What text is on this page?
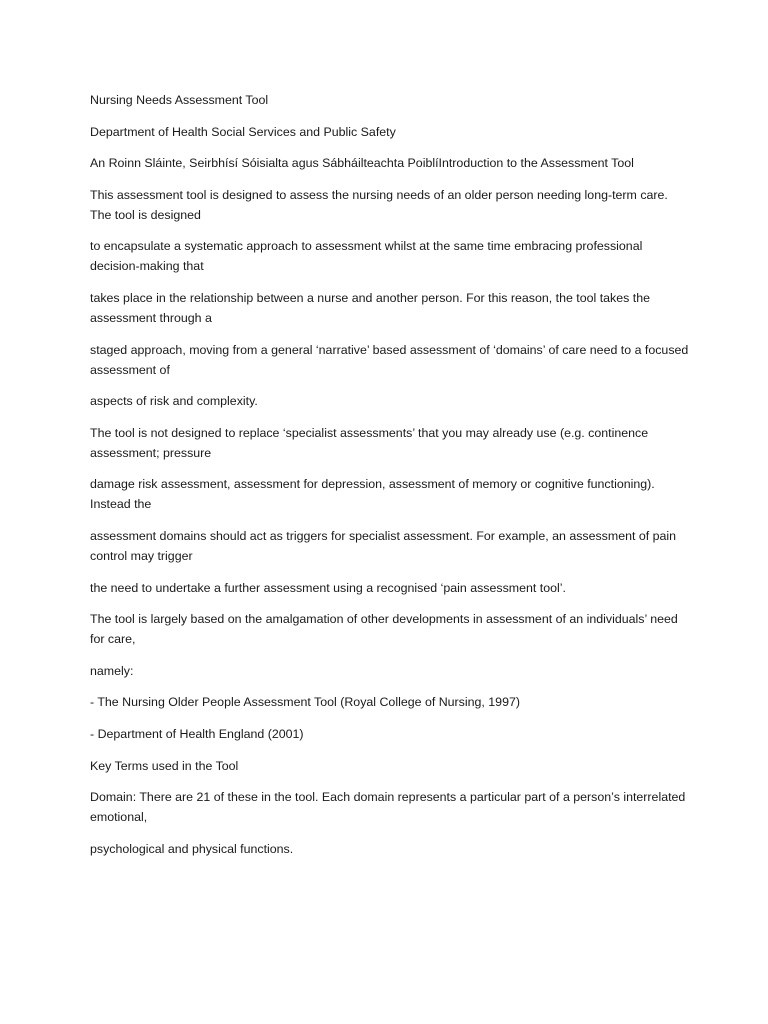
Nursing Needs Assessment Tool

Department of Health Social Services and Public Safety

An Roinn Sláinte, Seirbhísí Sóisialta agus Sábháilteachta PoiblíIntroduction to the Assessment Tool

This assessment tool is designed to assess the nursing needs of an older person needing long-term care. The tool is designed

to encapsulate a systematic approach to assessment whilst at the same time embracing professional decision-making that

takes place in the relationship between a nurse and another person. For this reason, the tool takes the assessment through a

staged approach, moving from a general ‘narrative’ based assessment of ‘domains’ of care need to a focused assessment of

aspects of risk and complexity.

The tool is not designed to replace ‘specialist assessments’ that you may already use (e.g. continence assessment; pressure

damage risk assessment, assessment for depression, assessment of memory or cognitive functioning). Instead the

assessment domains should act as triggers for specialist assessment. For example, an assessment of pain control may trigger

the need to undertake a further assessment using a recognised ‘pain assessment tool’.

The tool is largely based on the amalgamation of other developments in assessment of an individuals’ need for care,

namely:

- The Nursing Older People Assessment Tool (Royal College of Nursing, 1997)

- Department of Health England (2001)

Key Terms used in the Tool

Domain: There are 21 of these in the tool. Each domain represents a particular part of a person’s interrelated emotional,

psychological and physical functions.
